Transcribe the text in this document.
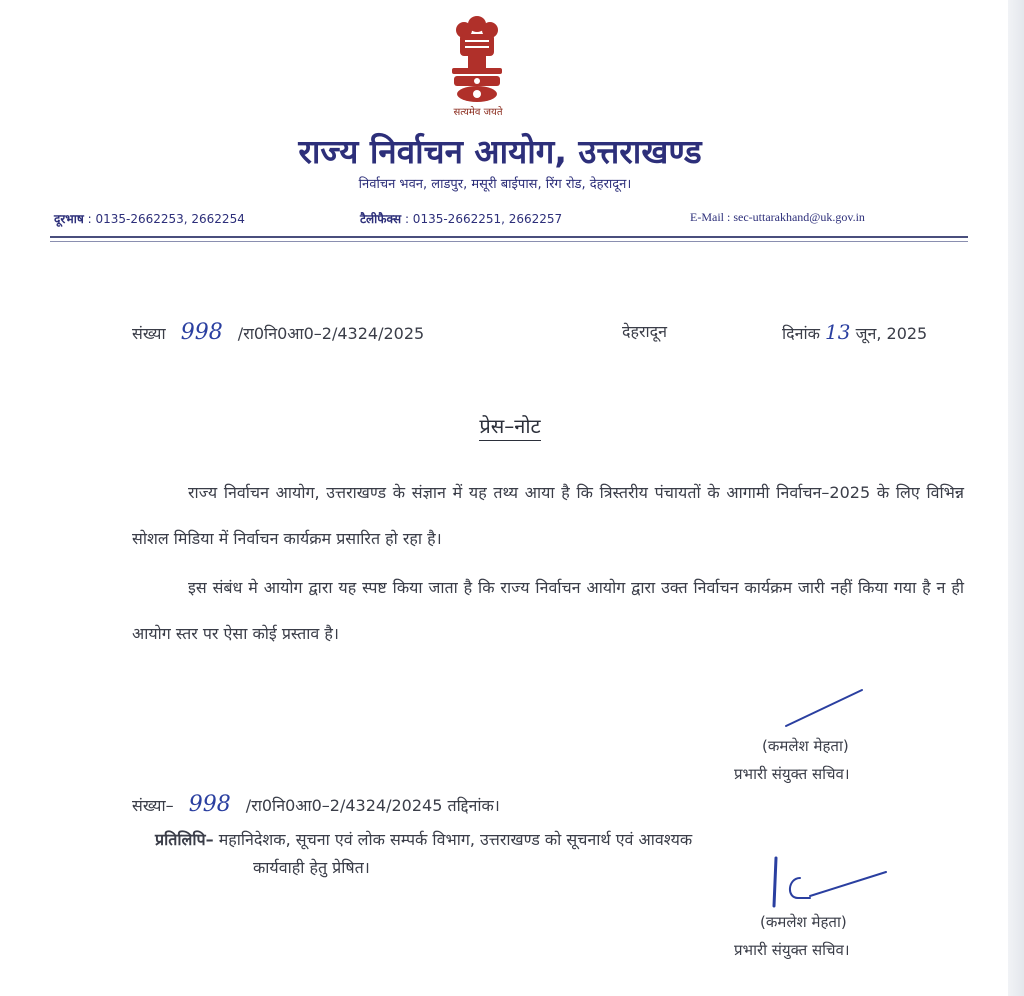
सत्यमेव जयते
राज्य निर्वाचन आयोग, उत्तराखण्ड
निर्वाचन भवन, लाडपुर, मसूरी बाईपास, रिंग रोड, देहरादून।
दूरभाष : 0135-2662253, 2662254	टैलीफैक्स : 0135-2662251, 2662257	E-Mail : sec-uttarakhand@uk.gov.in
संख्या 998 /रा0नि0आ0–2/4324/2025	देहरादून	दिनांक 13 जून, 2025
प्रेस–नोट
राज्य निर्वाचन आयोग, उत्तराखण्ड के संज्ञान में यह तथ्य आया है कि त्रिस्तरीय पंचायतों के आगामी निर्वाचन–2025 के लिए विभिन्न सोशल मिडिया में निर्वाचन कार्यक्रम प्रसारित हो रहा है।
इस संबंध मे आयोग द्वारा यह स्पष्ट किया जाता है कि राज्य निर्वाचन आयोग द्वारा उक्त निर्वाचन कार्यक्रम जारी नहीं किया गया है न ही आयोग स्तर पर ऐसा कोई प्रस्ताव है।
(कमलेश मेहता)
प्रभारी संयुक्त सचिव।
संख्या– 998 /रा0नि0आ0–2/4324/20245 तद्दिनांक।
प्रतिलिपि– महानिदेशक, सूचना एवं लोक सम्पर्क विभाग, उत्तराखण्ड को सूचनार्थ एवं आवश्यक
कार्यवाही हेतु प्रेषित।
(कमलेश मेहता)
प्रभारी संयुक्त सचिव।
